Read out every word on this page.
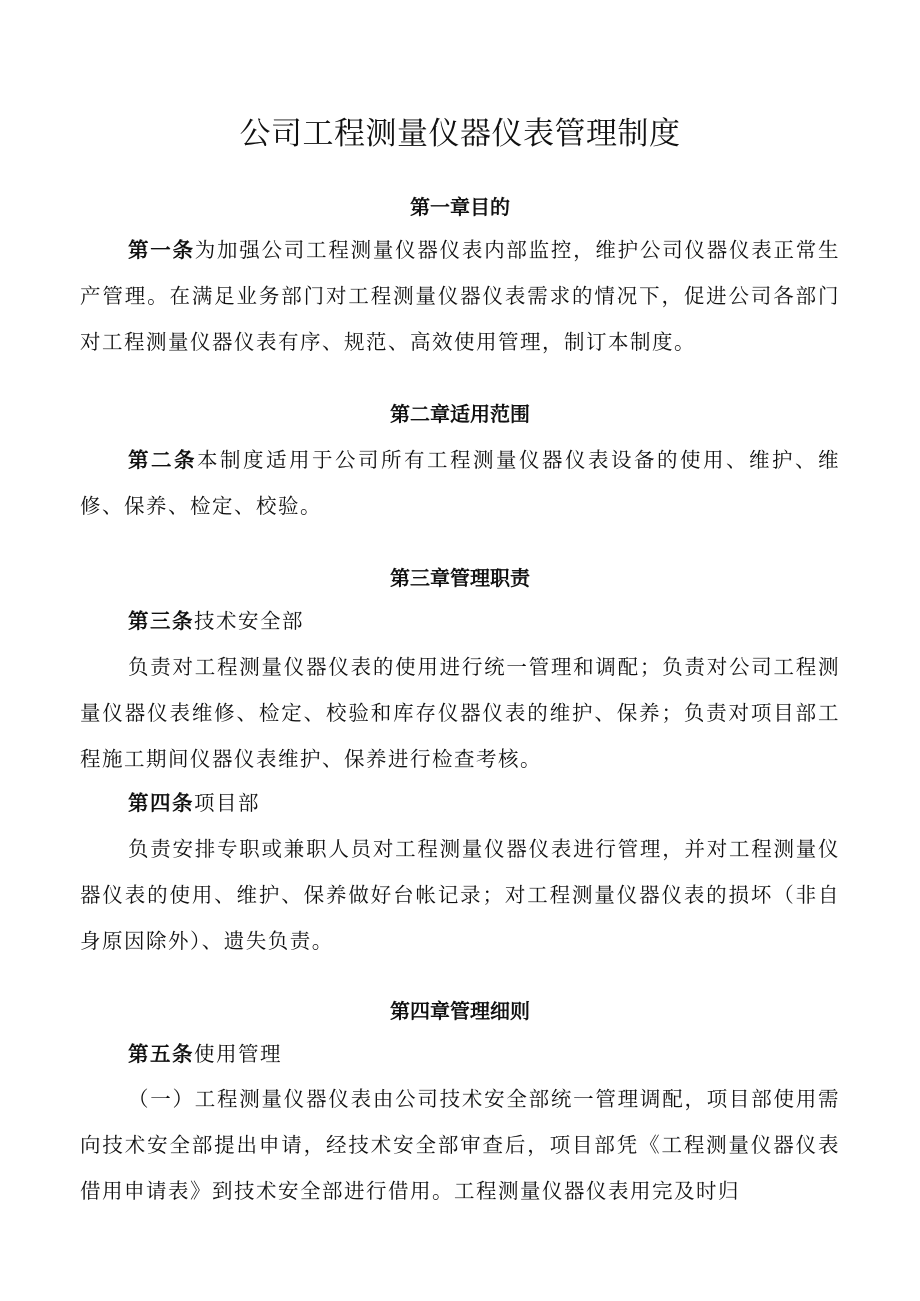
公司工程测量仪器仪表管理制度
第一章目的

第一条为加强公司工程测量仪器仪表内部监控，维护公司仪器仪表正常生产管理。在满足业务部门对工程测量仪器仪表需求的情况下，促进公司各部门对工程测量仪器仪表有序、规范、高效使用管理，制订本制度。

第二章适用范围

第二条本制度适用于公司所有工程测量仪器仪表设备的使用、维护、维修、保养、检定、校验。

第三章管理职责

第三条技术安全部

负责对工程测量仪器仪表的使用进行统一管理和调配；负责对公司工程测量仪器仪表维修、检定、校验和库存仪器仪表的维护、保养；负责对项目部工程施工期间仪器仪表维护、保养进行检查考核。

第四条项目部

负责安排专职或兼职人员对工程测量仪器仪表进行管理，并对工程测量仪器仪表的使用、维护、保养做好台帐记录；对工程测量仪器仪表的损坏（非自身原因除外）、遗失负责。

第四章管理细则

第五条使用管理

（一）工程测量仪器仪表由公司技术安全部统一管理调配，项目部使用需向技术安全部提出申请，经技术安全部审查后，项目部凭《工程测量仪器仪表借用申请表》到技术安全部进行借用。工程测量仪器仪表用完及时归
